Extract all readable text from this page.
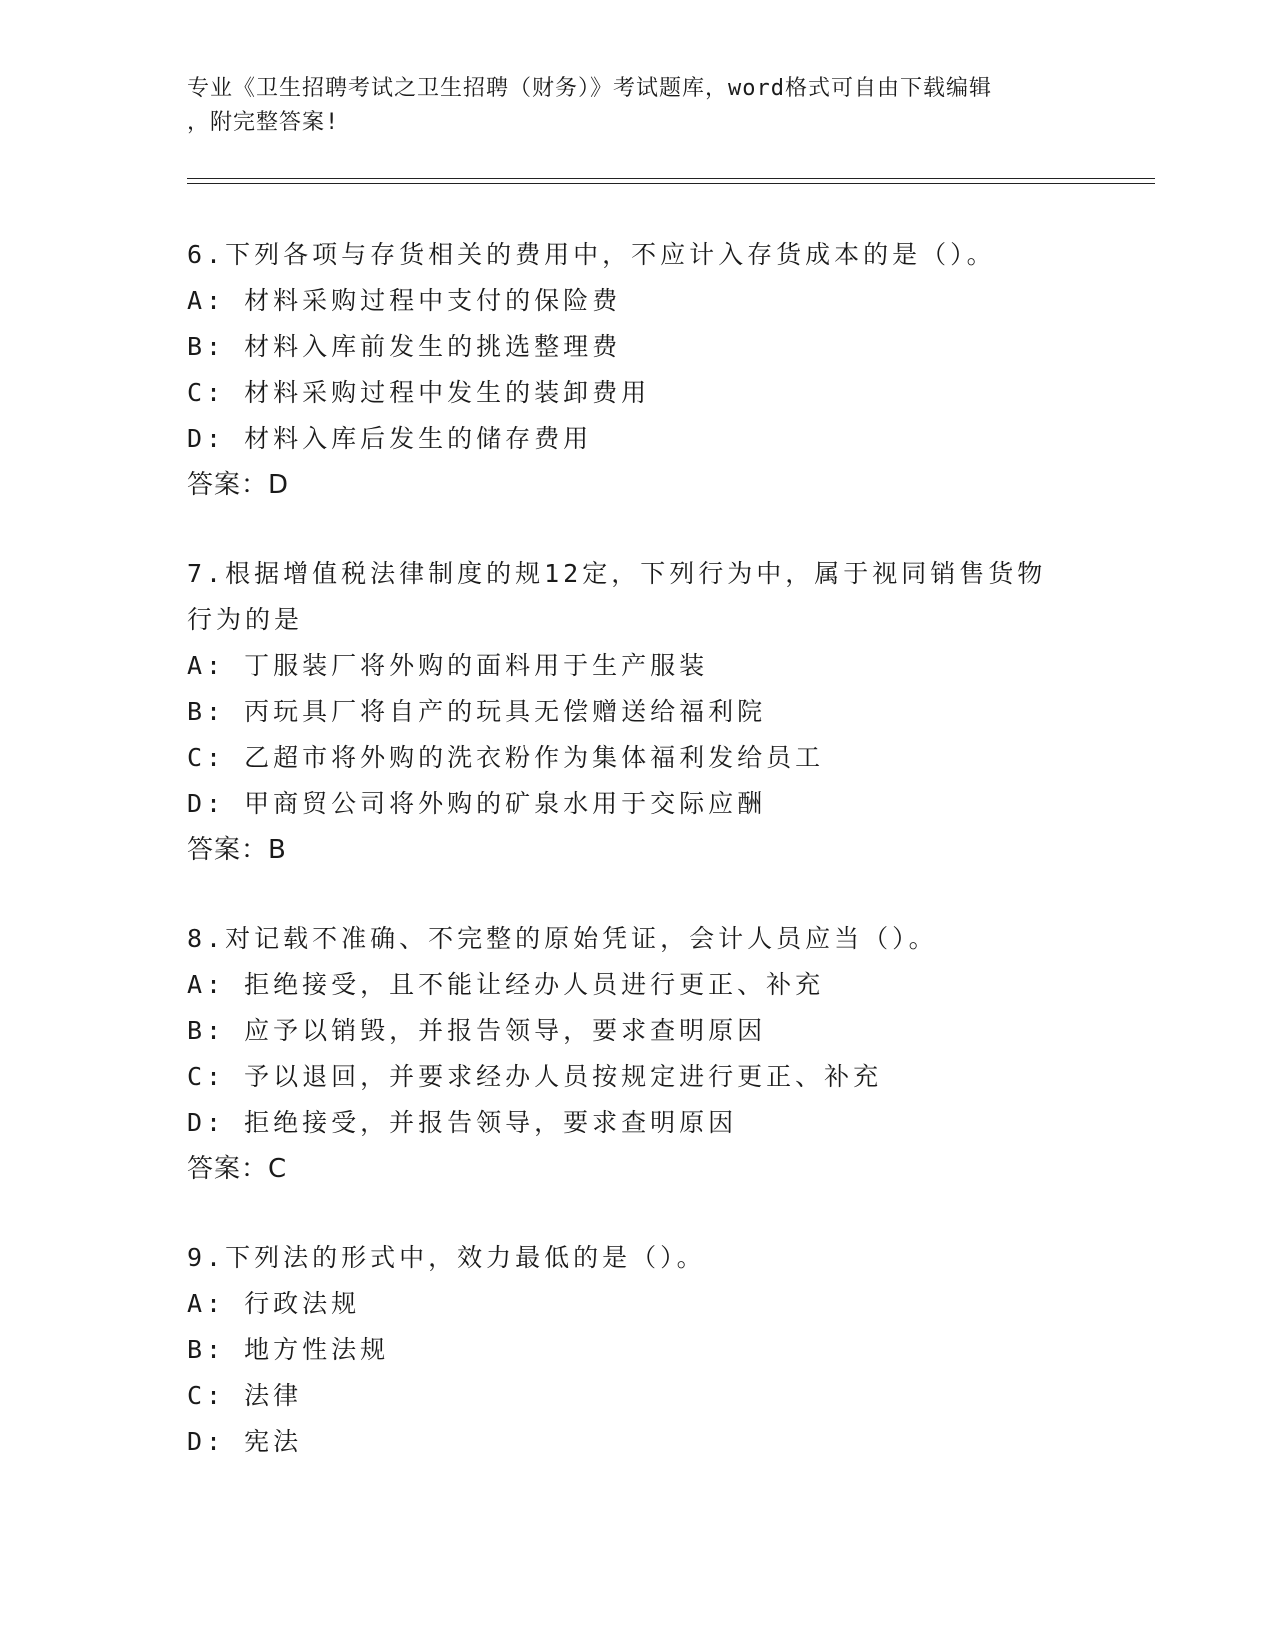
专业《卫生招聘考试之卫生招聘（财务）》考试题库，word格式可自由下载编辑
，附完整答案!
6.下列各项与存货相关的费用中，不应计入存货成本的是（）。
A: 材料采购过程中支付的保险费
B: 材料入库前发生的挑选整理费
C: 材料采购过程中发生的装卸费用
D: 材料入库后发生的储存费用
答案：D
7.根据增值税法律制度的规12定，下列行为中，属于视同销售货物行为的是
A: 丁服装厂将外购的面料用于生产服装
B: 丙玩具厂将自产的玩具无偿赠送给福利院
C: 乙超市将外购的洗衣粉作为集体福利发给员工
D: 甲商贸公司将外购的矿泉水用于交际应酬
答案：B
8.对记载不准确、不完整的原始凭证，会计人员应当（）。
A: 拒绝接受，且不能让经办人员进行更正、补充
B: 应予以销毁，并报告领导，要求查明原因
C: 予以退回，并要求经办人员按规定进行更正、补充
D: 拒绝接受，并报告领导，要求查明原因
答案：C
9.下列法的形式中，效力最低的是（）。
A: 行政法规
B: 地方性法规
C: 法律
D: 宪法
